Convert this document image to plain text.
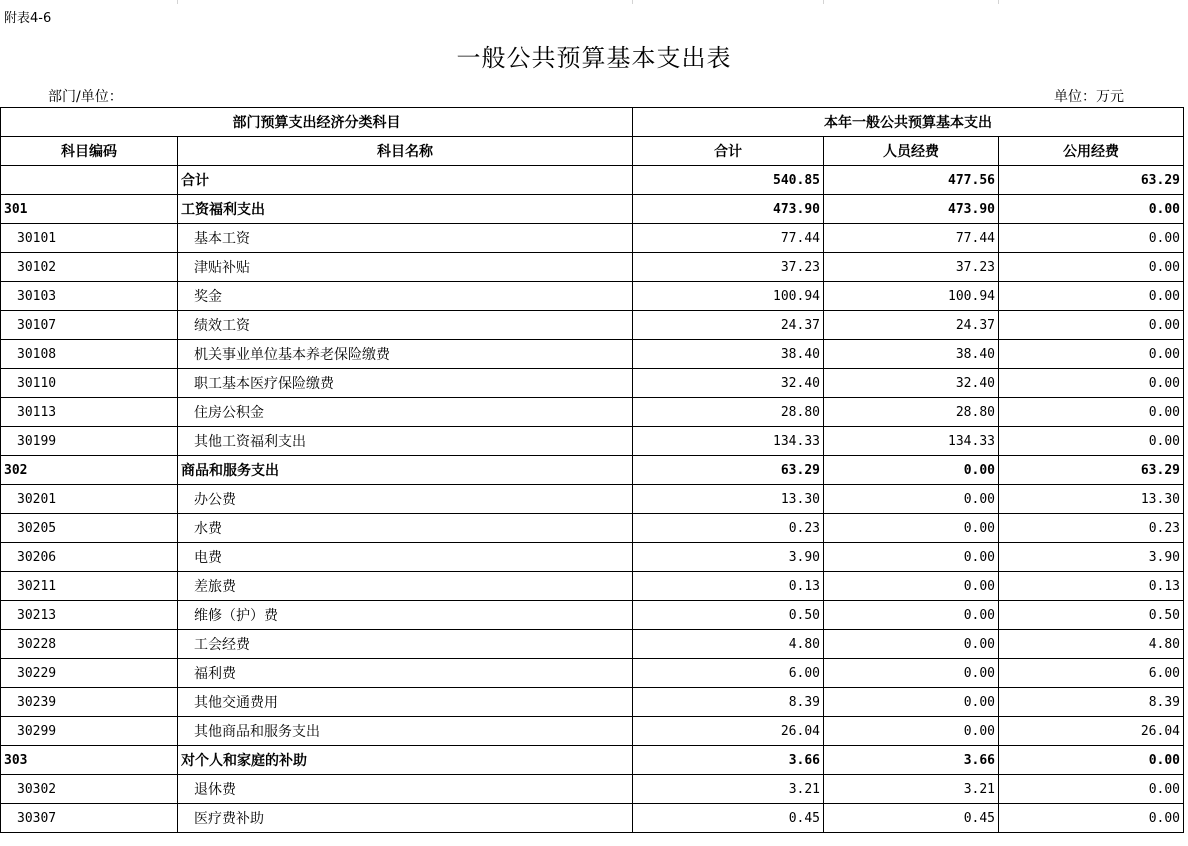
附表4-6
一般公共预算基本支出表
部门/单位：	单位：万元
部门预算支出经济分类科目		本年一般公共预算基本支出		
科目编码	科目名称	合计	人员经费	公用经费
	合计	540.85	477.56	63.29
301	工资福利支出	473.90	473.90	0.00
30101	基本工资	77.44	77.44	0.00
30102	津贴补贴	37.23	37.23	0.00
30103	奖金	100.94	100.94	0.00
30107	绩效工资	24.37	24.37	0.00
30108	机关事业单位基本养老保险缴费	38.40	38.40	0.00
30110	职工基本医疗保险缴费	32.40	32.40	0.00
30113	住房公积金	28.80	28.80	0.00
30199	其他工资福利支出	134.33	134.33	0.00
302	商品和服务支出	63.29	0.00	63.29
30201	办公费	13.30	0.00	13.30
30205	水费	0.23	0.00	0.23
30206	电费	3.90	0.00	3.90
30211	差旅费	0.13	0.00	0.13
30213	维修（护）费	0.50	0.00	0.50
30228	工会经费	4.80	0.00	4.80
30229	福利费	6.00	0.00	6.00
30239	其他交通费用	8.39	0.00	8.39
30299	其他商品和服务支出	26.04	0.00	26.04
303	对个人和家庭的补助	3.66	3.66	0.00
30302	退休费	3.21	3.21	0.00
30307	医疗费补助	0.45	0.45	0.00
